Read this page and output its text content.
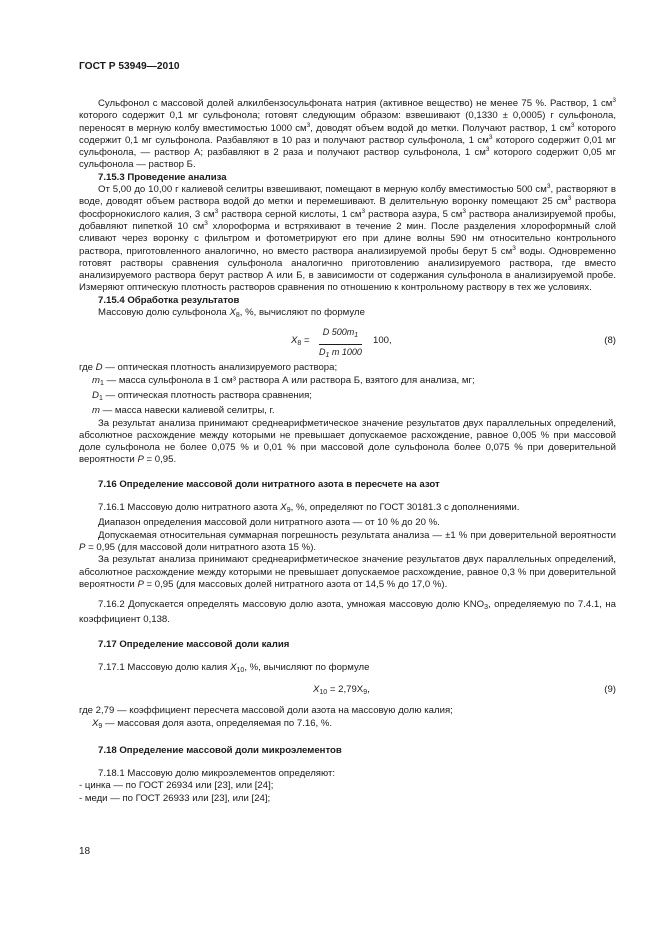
ГОСТ Р 53949—2010

Сульфонол с массовой долей алкилбензосульфоната натрия (активное вещество) не менее 75 %. Раствор, 1 $см^3$ которого содержит 0,1 мг сульфонола; готовят следующим образом: взвешивают (0,1330 ± 0,0005) г сульфонола, переносят в мерную колбу вместимостью 1000 $см^3$, доводят объем водой до метки. Получают раствор, 1 $см^3$ которого содержит 0,1 мг сульфонола. Разбавляют в 10 раз и получают раствор сульфонола, 1 $см^3$ которого содержит 0,01 мг сульфонола, — раствор А; разбавляют в 2 раза и получают раствор сульфонола, 1 $см^3$ которого содержит 0,05 мг сульфонола — раствор Б.

7.15.3 Проведение анализа

От 5,00 до 10,00 г калиевой селитры взвешивают, помещают в мерную колбу вместимостью 500 $см^3$, растворяют в воде, доводят объем раствора водой до метки и перемешивают. В делительную воронку помещают 25 $см^3$ раствора фосфорнокислого калия, 3 $см^3$ раствора серной кислоты, 1 $см^3$ раствора азура, 5 $см^3$ раствора анализируемой пробы, добавляют пипеткой 10 $см^3$ хлороформа и встряхивают в течение 2 мин. После разделения хлороформный слой сливают через воронку с фильтром и фотометрируют его при длине волны 590 нм относительно контрольного раствора, приготовленного аналогично, но вместо раствора анализируемой пробы берут 5 $см^3$ воды. Одновременно готовят растворы сравнения сульфонола аналогично приготовлению анализируемого раствора, где вместо анализируемого раствора берут раствор А или Б, в зависимости от содержания сульфонола в анализируемой пробе. Измеряют оптическую плотность растворов сравнения по отношению к контрольному раствору в тех же условиях.

7.15.4 Обработка результатов

Массовую долю сульфонола $X_8$, %, вычисляют по формуле

$X_8 = \frac{D 500m_1}{D_1 m 1000} 100$,	(8)

где D — оптическая плотность анализируемого раствора;

$m_1$ — масса сульфонола в 1 см³ раствора А или раствора Б, взятого для анализа, мг;

$D_1$ — оптическая плотность раствора сравнения;

m — масса навески калиевой селитры, г.

За результат анализа принимают среднеарифметическое значение результатов двух параллельных определений, абсолютное расхождение между которыми не превышает допускаемое расхождение, равное 0,005 % при массовой доле сульфонола не более 0,075 % и 0,01 % при массовой доле сульфонола более 0,075 % при доверительной вероятности P = 0,95.

7.16 Определение массовой доли нитратного азота в пересчете на азот

7.16.1 Массовую долю нитратного азота $X_9$, %, определяют по ГОСТ 30181.3 с дополнениями.

Диапазон определения массовой доли нитратного азота — от 10 % до 20 %.

Допускаемая относительная суммарная погрешность результата анализа — ±1 % при доверительной вероятности P = 0,95 (для массовой доли нитратного азота 15 %).

За результат анализа принимают среднеарифметическое значение результатов двух параллельных определений, абсолютное расхождение между которыми не превышает допускаемое расхождение, равное 0,3 % при доверительной вероятности P = 0,95 (для массовых долей нитратного азота от 14,5 % до 17,0 %).

7.16.2 Допускается определять массовую долю азота, умножая массовую долю $KNO_3$, определяемую по 7.4.1, на коэффициент 0,138.

7.17 Определение массовой доли калия

7.17.1 Массовую долю калия $X_{10}$, %, вычисляют по формуле

$X_{10} = 2,79X_9$,	(9)

где 2,79 — коэффициент пересчета массовой доли азота на массовую долю калия;

$X_9$ — массовая доля азота, определяемая по 7.16, %.

7.18 Определение массовой доли микроэлементов

7.18.1 Массовую долю микроэлементов определяют:

- цинка — по ГОСТ 26934 или [23], или [24];

- меди — по ГОСТ 26933 или [23], или [24];

18
